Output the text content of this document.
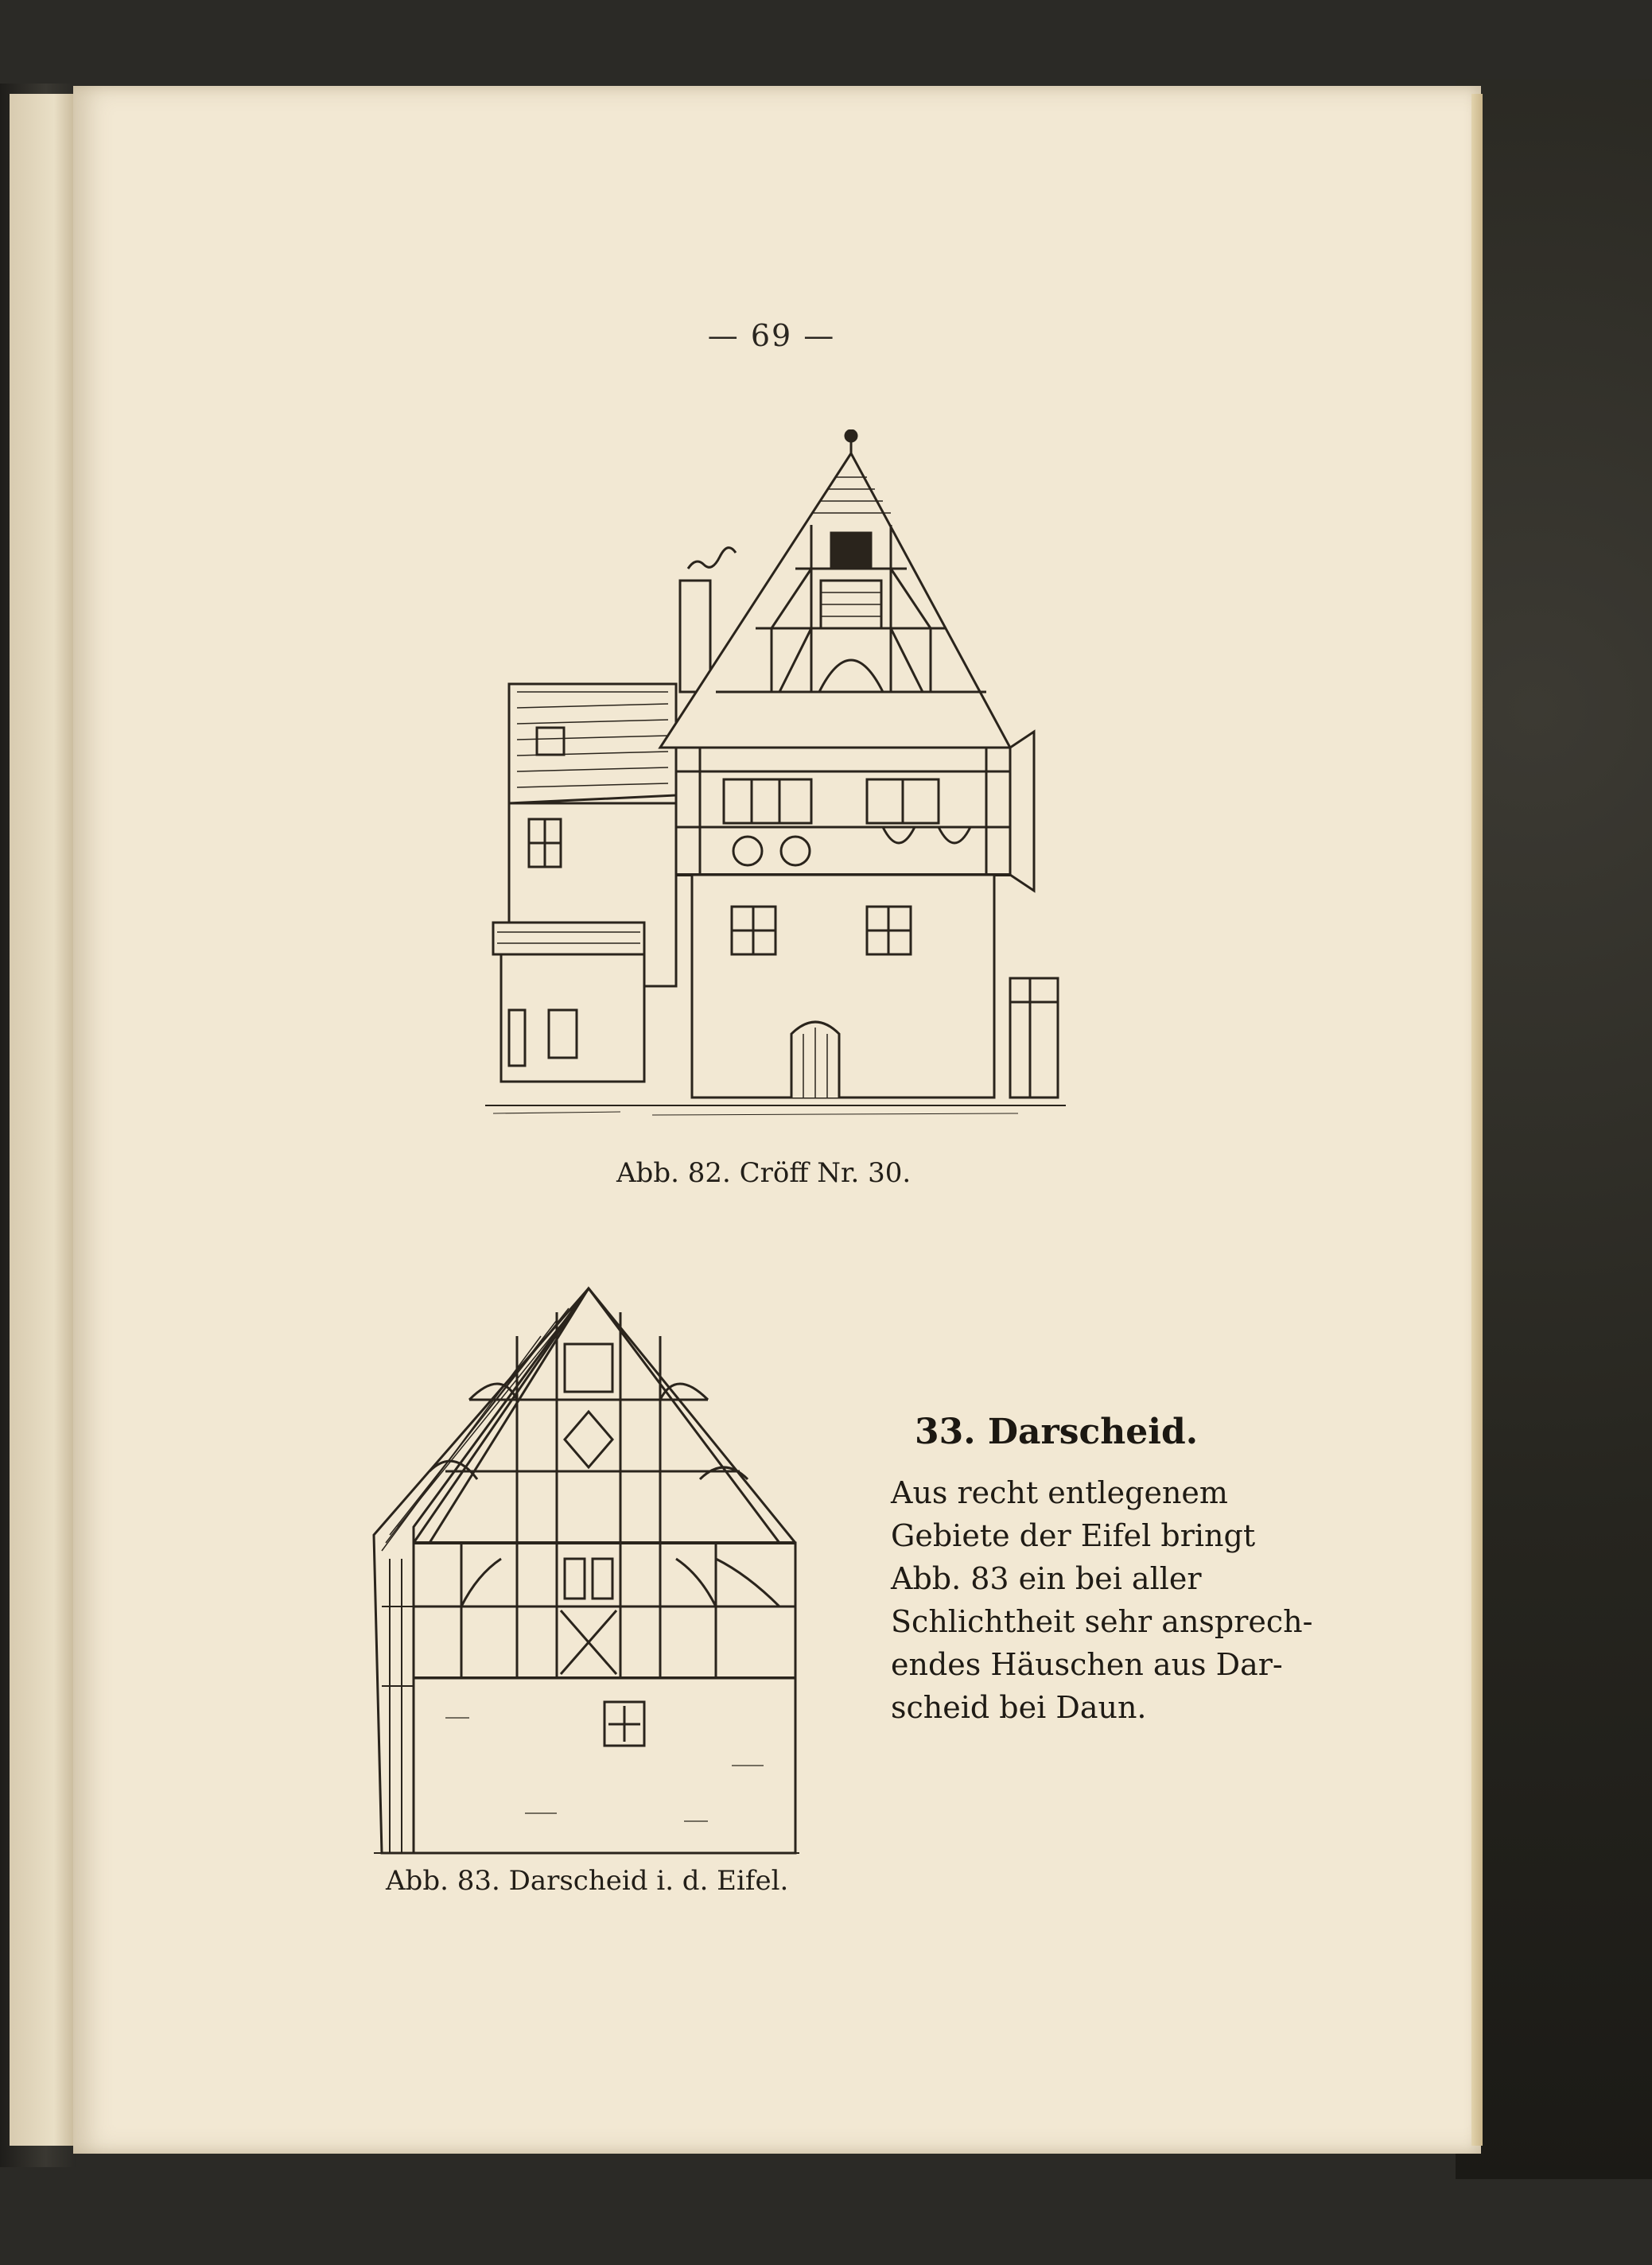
— 69 —
Abb. 82. Cröff Nr. 30.
Abb. 83. Darscheid i. d. Eifel.
33. Darscheid.
Aus recht entlegenem
Gebiete der Eifel bringt
Abb. 83 ein bei aller
Schlichtheit sehr ansprech-
endes Häuschen aus Dar-
scheid bei Daun.
